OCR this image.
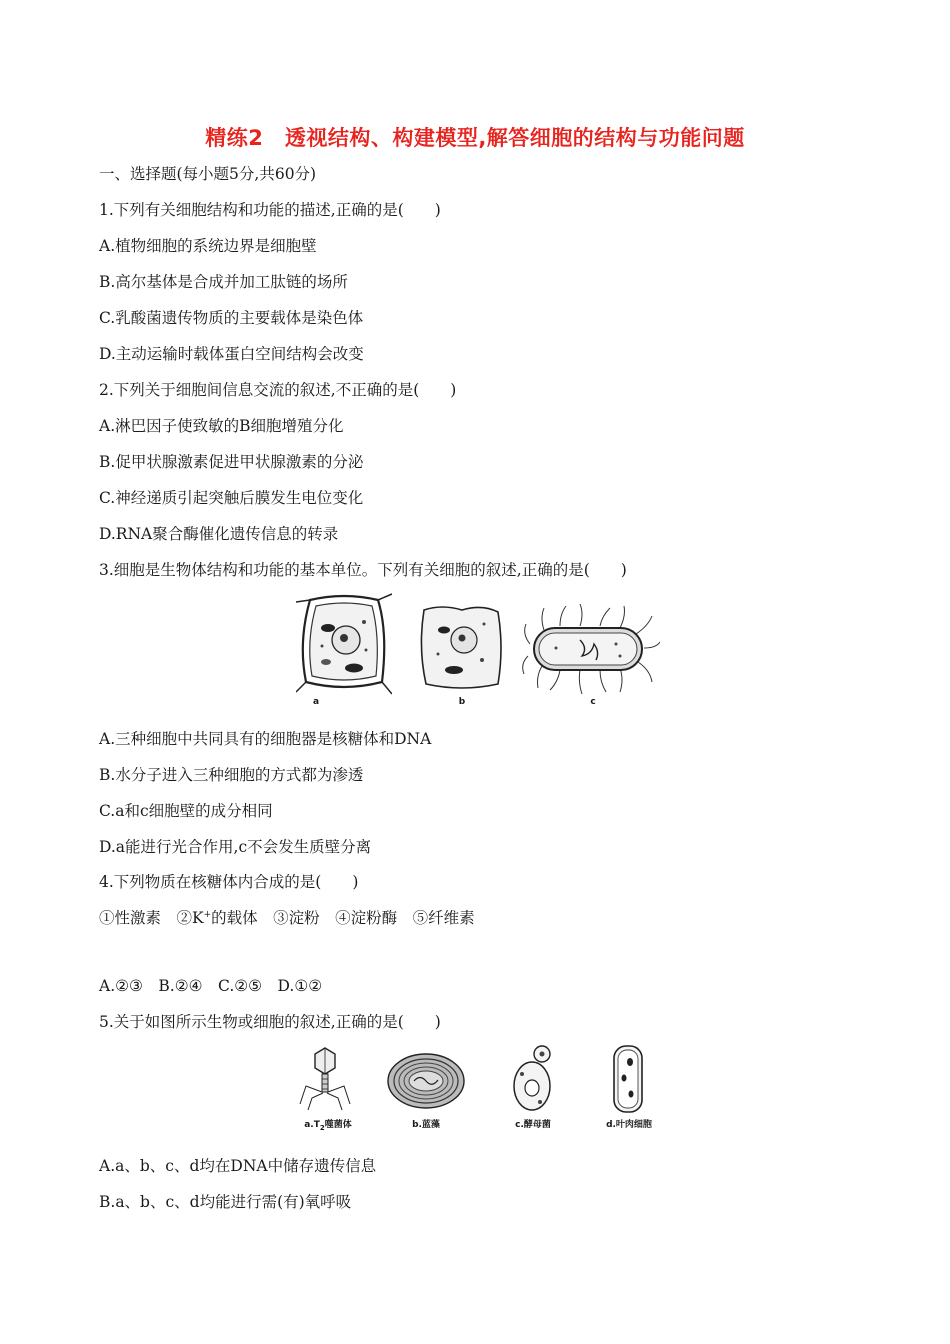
精练2　透视结构、构建模型,解答细胞的结构与功能问题
一、选择题(每小题5分,共60分)
1.下列有关细胞结构和功能的描述,正确的是(　　)
A.植物细胞的系统边界是细胞壁
B.高尔基体是合成并加工肽链的场所
C.乳酸菌遗传物质的主要载体是染色体
D.主动运输时载体蛋白空间结构会改变
2.下列关于细胞间信息交流的叙述,不正确的是(　　)
A.淋巴因子使致敏的B细胞增殖分化
B.促甲状腺激素促进甲状腺激素的分泌
C.神经递质引起突触后膜发生电位变化
D.RNA聚合酶催化遗传信息的转录
3.细胞是生物体结构和功能的基本单位。下列有关细胞的叙述,正确的是(　　)
a	b	c
A.三种细胞中共同具有的细胞器是核糖体和DNA
B.水分子进入三种细胞的方式都为渗透
C.a和c细胞壁的成分相同
D.a能进行光合作用,c不会发生质壁分离
4.下列物质在核糖体内合成的是(　　)
①性激素　②K+的载体　③淀粉　④淀粉酶　⑤纤维素
A.②③　B.②④　C.②⑤　D.①②
5.关于如图所示生物或细胞的叙述,正确的是(　　)
$a.T_2$噬菌体	b.蓝藻	c.酵母菌	d.叶肉细胞
A.a、b、c、d均在DNA中储存遗传信息
B.a、b、c、d均能进行需(有)氧呼吸
